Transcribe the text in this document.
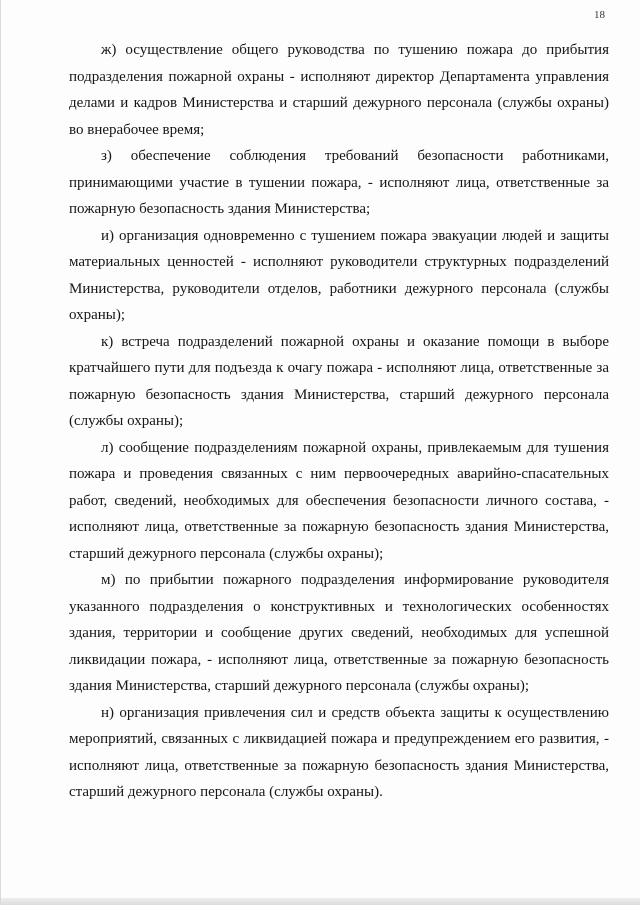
18

ж) осуществление общего руководства по тушению пожара до прибытия подразделения пожарной охраны - исполняют директор Департамента управления делами и кадров Министерства и старший дежурного персонала (службы охраны) во внерабочее время;

з) обеспечение соблюдения требований безопасности работниками, принимающими участие в тушении пожара, - исполняют лица, ответственные за пожарную безопасность здания Министерства;

и) организация одновременно с тушением пожара эвакуации людей и защиты материальных ценностей - исполняют руководители структурных подразделений Министерства, руководители отделов, работники дежурного персонала (службы охраны);

к) встреча подразделений пожарной охраны и оказание помощи в выборе кратчайшего пути для подъезда к очагу пожара - исполняют лица, ответственные за пожарную безопасность здания Министерства, старший дежурного персонала (службы охраны);

л) сообщение подразделениям пожарной охраны, привлекаемым для тушения пожара и проведения связанных с ним первоочередных аварийно-спасательных работ, сведений, необходимых для обеспечения безопасности личного состава, - исполняют лица, ответственные за пожарную безопасность здания Министерства, старший дежурного персонала (службы охраны);

м) по прибытии пожарного подразделения информирование руководителя указанного подразделения о конструктивных и технологических особенностях здания, территории и сообщение других сведений, необходимых для успешной ликвидации пожара, - исполняют лица, ответственные за пожарную безопасность здания Министерства, старший дежурного персонала (службы охраны);

н) организация привлечения сил и средств объекта защиты к осуществлению мероприятий, связанных с ликвидацией пожара и предупреждением его развития, - исполняют лица, ответственные за пожарную безопасность здания Министерства, старший дежурного персонала (службы охраны).
